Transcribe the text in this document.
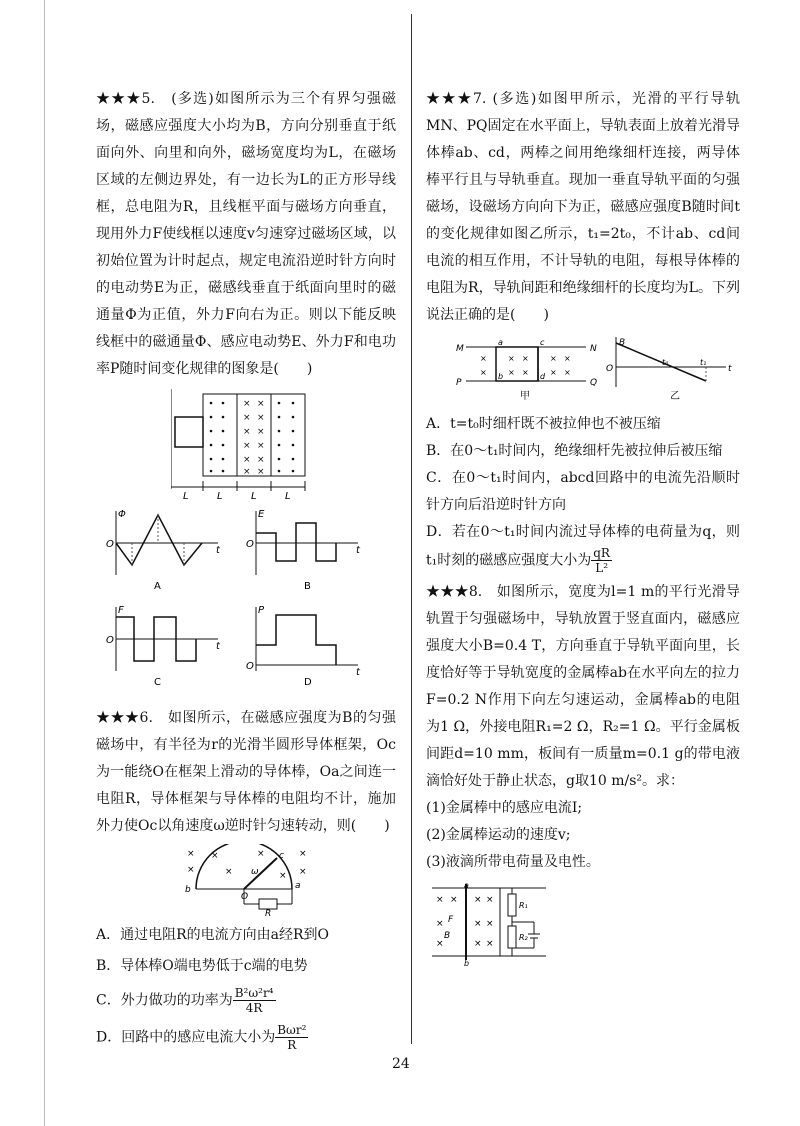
★★★5.　(多选)如图所示为三个有界匀强磁场，磁感应强度大小均为B，方向分别垂直于纸面向外、向里和向外，磁场宽度均为L，在磁场区域的左侧边界处，有一边长为L的正方形导线框，总电阻为R，且线框平面与磁场方向垂直，现用外力F使线框以速度v匀速穿过磁场区域，以初始位置为计时起点，规定电流沿逆时针方向时的电动势E为正，磁感线垂直于纸面向里时的磁通量Φ为正值，外力F向右为正。则以下能反映线框中的磁通量Φ、感应电动势E、外力F和电功率P随时间变化规律的图象是(　　)

× ×
× ×
× ×
× ×
× ×
× ×
L	L	L	L
Φ
O
t
A
E
O
t
B
F
O
t
C
P
O
t
D

★★★6.　如图所示，在磁感应强度为B的匀强磁场中，有半径为r的光滑半圆形导体框架，Oc为一能绕O在框架上滑动的导体棒，Oa之间连一电阻R，导体框架与导体棒的电阻均不计，施加外力使Oc以角速度ω逆时针匀速转动，则(　　)

×
×
×
×
×	×
×
×
b
O
c
a
R
ω

A．通过电阻R的电流方向由a经R到O

B．导体棒O端电势低于c端的电势

C．外力做功的功率为 $\frac{\text{B²ω²r⁴}}{4R}$

D．回路中的感应电流大小为 $\frac{\text{Bωr²}}{R}$

★★★7. (多选)如图甲所示，光滑的平行导轨MN、PQ固定在水平面上，导轨表面上放着光滑导体棒ab、cd，两棒之间用绝缘细杆连接，两导体棒平行且与导轨垂直。现加一垂直导轨平面的匀强磁场，设磁场方向向下为正，磁感应强度B随时间t的变化规律如图乙所示，t₁=2t₀，不计ab、cd间电流的相互作用，不计导轨的电阻，每根导体棒的电阻为R，导轨间距和绝缘细杆的长度均为L。下列说法正确的是(　　)

M	N
P	Q
a
b
c
d
×
×
× ×
× ×
× ×
× ×
甲
B
O
t₀	t₁
t
乙

A．t=t₀时细杆既不被拉伸也不被压缩

B．在0～t₁时间内，绝缘细杆先被拉伸后被压缩

C．在0～t₁时间内，abcd回路中的电流先沿顺时针方向后沿逆时针方向

D．若在0～t₁时间内流过导体棒的电荷量为q，则t₁时刻的磁感应强度大小为 $\frac{qR}{\text{L²}}$

★★★8.　如图所示，宽度为l=1 m的平行光滑导轨置于匀强磁场中，导轨放置于竖直面内，磁感应强度大小B=0.4 T，方向垂直于导轨平面向里，长度恰好等于导轨宽度的金属棒ab在水平向左的拉力F=0.2 N作用下向左匀速运动，金属棒ab的电阻为1 Ω，外接电阻R₁=2 Ω，R₂=1 Ω。平行金属板间距d=10 mm，板间有一质量m=0.1 g的带电液滴恰好处于静止状态，g取10 m/s²。求：

(1)金属棒中的感应电流I;

(2)金属棒运动的速度v;

(3)液滴所带电荷量及电性。

× × × ×
×	× ×
×	× ×
F
B
a
b
R₁
R₂
24
